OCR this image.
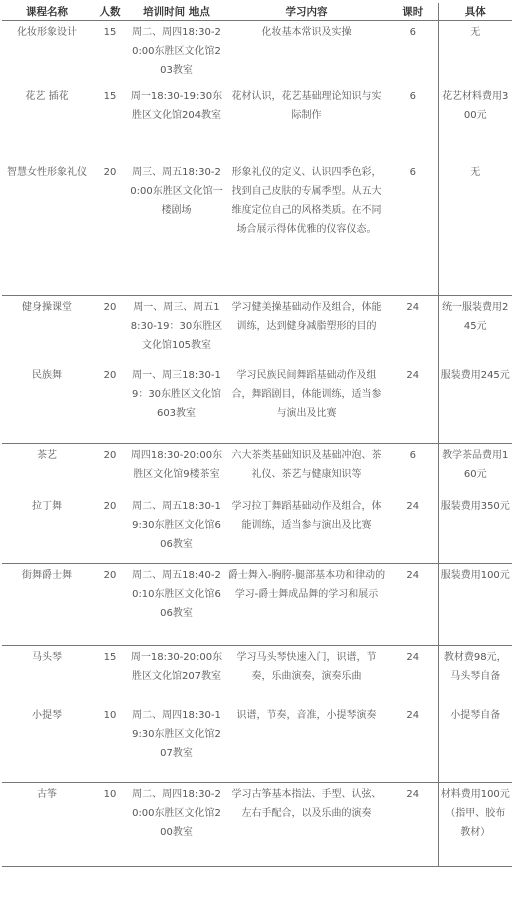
课程名称	人数	培训时间 地点	学习内容	课时	具体
化妆形象设计	15	周二、周四18:30-20:00东胜区文化馆203教室	化妆基本常识及实操	6	无
花艺 插花	15	周一18:30-19:30东胜区文化馆204教室	花材认识，花艺基础理论知识与实际制作	6	花艺材料费用300元
智慧女性形象礼仪	20	周三、周五18:30-20:00东胜区文化馆一楼剧场	形象礼仪的定义、认识四季色彩，找到自己皮肤的专属季型。从五大维度定位自己的风格类质。在不同场合展示得体优雅的仪容仪态。	6	无
健身操课堂	20	周一、周三、周五18:30-19：30东胜区文化馆105教室	学习健美操基础动作及组合，体能训练，达到健身减脂塑形的目的	24	统一服装费用245元
民族舞	20	周一、周三18:30-19：30东胜区文化馆603教室	学习民族民间舞蹈基础动作及组合，舞蹈剧目，体能训练，适当参与演出及比赛	24	服装费用245元
茶艺	20	周四18:30-20:00东胜区文化馆9楼茶室	六大茶类基础知识及基础冲泡、茶礼仪、茶艺与健康知识等	6	教学茶品费用160元
拉丁舞	20	周二、周五18:30-19:30东胜区文化馆606教室	学习拉丁舞蹈基础动作及组合，体能训练，适当参与演出及比赛	24	服装费用350元
街舞爵士舞	20	周二、周五18:40-20:10东胜区文化馆606教室	爵士舞入-胸胯-腿部基本功和律动的学习-爵士舞成品舞的学习和展示	24	服装费用100元
马头琴	15	周一18:30-20:00东胜区文化馆207教室	学习马头琴快速入门，识谱，节奏，乐曲演奏，演奏乐曲	24	教材费98元，马头琴自备
小提琴	10	周二、周四18:30-19:30东胜区文化馆207教室	识谱，节奏，音准，小提琴演奏	24	小提琴自备
古筝	10	周二、周四18:30-20:00东胜区文化馆200教室	学习古筝基本指法、手型、认弦、左右手配合，以及乐曲的演奏	24	材料费用100元（指甲、胶布教材）
